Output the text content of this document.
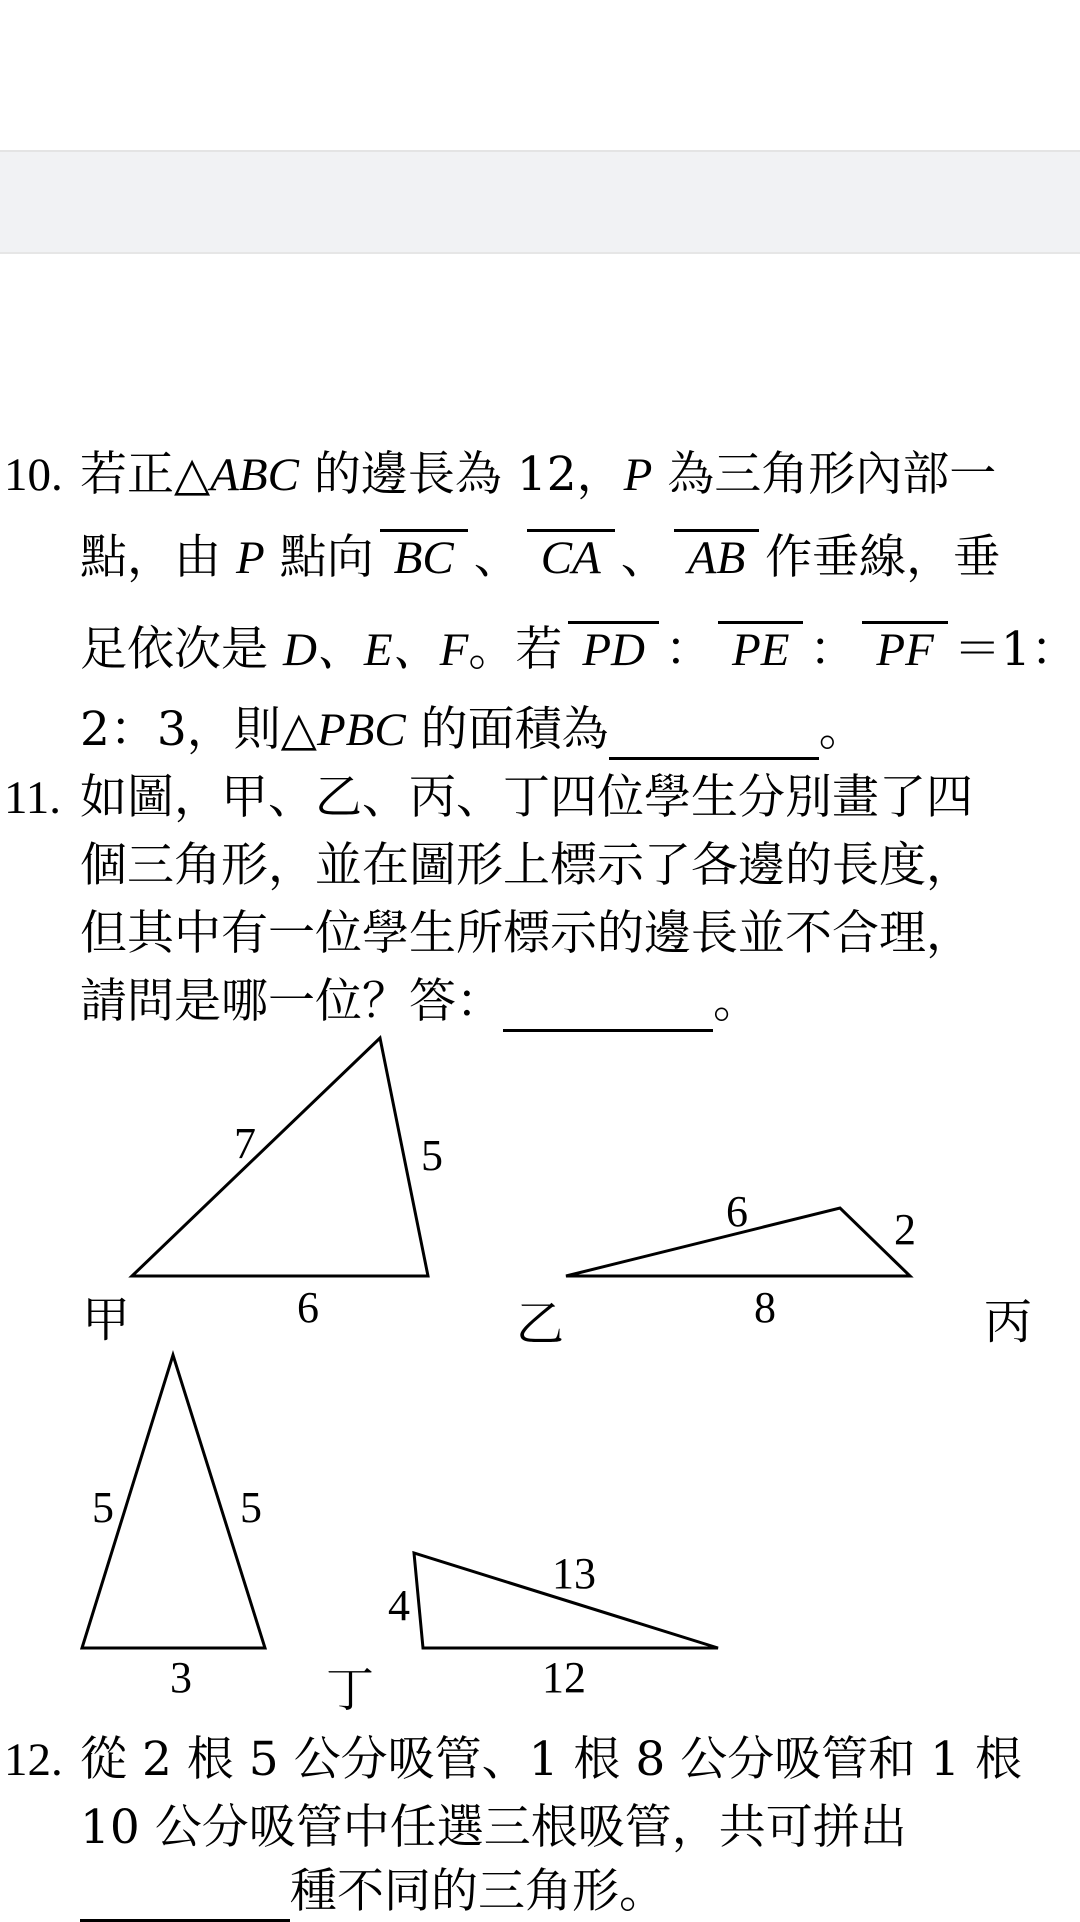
10. 若正△ABC 的邊長為 12，P 為三角形內部一
點，由 P 點向 BC 、 CA 、 AB 作垂線，垂
足依次是 D、E、F。若 PD ： PE ： PF ＝1：
2：3，則△PBC 的面積為	。
11. 如圖，甲、乙、丙、丁四位學生分別畫了四
個三角形，並在圖形上標示了各邊的長度，
但其中有一位學生所標示的邊長並不合理，
請問是哪一位？答：	。
7	5
6
甲
6	2
8
乙	丙
5	5
3
4
13
12
丁
12. 從 2 根 5 公分吸管、1 根 8 公分吸管和 1 根
10 公分吸管中任選三根吸管，共可拼出
種不同的三角形。
